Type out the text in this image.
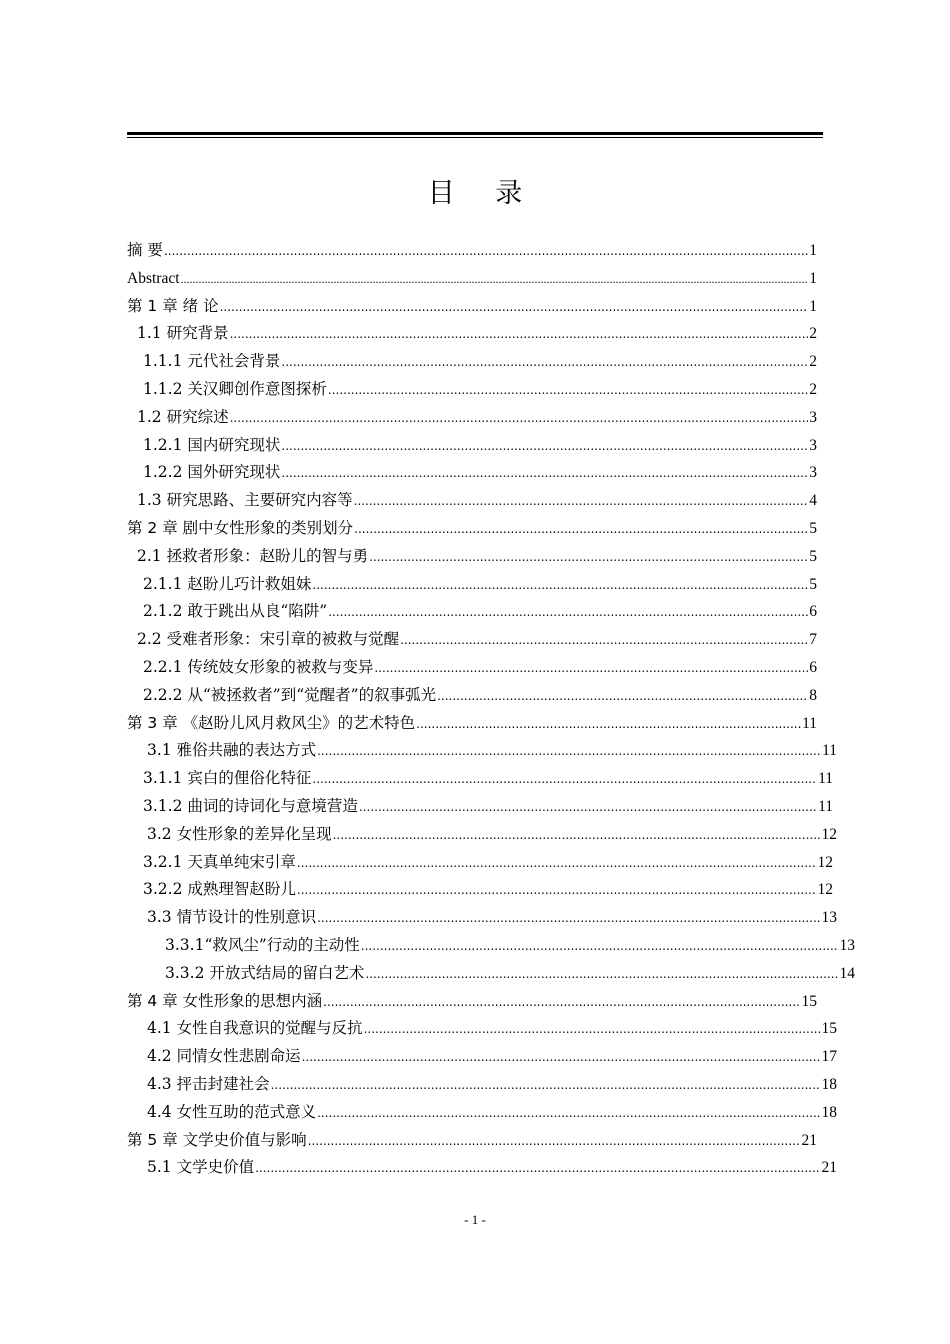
目 录
摘 要 .....	1
Abstract .....	1
第 1 章 绪 论 .....	1
1.1 研究背景 .....	2
1.1.1 元代社会背景 .....	2
1.1.2 关汉卿创作意图探析 .....	2
1.2 研究综述 .....	3
1.2.1 国内研究现状 .....	3
1.2.2 国外研究现状 .....	3
1.3 研究思路、主要研究内容等 .....	4
第 2 章 剧中女性形象的类别划分 .....	5
2.1 拯救者形象：赵盼儿的智与勇 .....	5
2.1.1 赵盼儿巧计救姐妹 .....	5
2.1.2 敢于跳出从良“陷阱” .....	6
2.2 受难者形象：宋引章的被救与觉醒 .....	7
2.2.1 传统妓女形象的被救与变异 .....	6
2.2.2 从“被拯救者”到“觉醒者”的叙事弧光 .....	8
第 3 章 《赵盼儿风月救风尘》的艺术特色 .....	11
3.1 雅俗共融的表达方式 .....	11
3.1.1 宾白的俚俗化特征 .....	11
3.1.2 曲词的诗词化与意境营造 .....	11
3.2 女性形象的差异化呈现 .....	12
3.2.1 天真单纯宋引章 .....	12
3.2.2 成熟理智赵盼儿 .....	12
3.3 情节设计的性别意识 .....	13
3.3.1“救风尘”行动的主动性 .....	13
3.3.2 开放式结局的留白艺术 .....	14
第 4 章 女性形象的思想内涵 .....	15
4.1 女性自我意识的觉醒与反抗 .....	15
4.2 同情女性悲剧命运 .....	17
4.3 抨击封建社会 .....	18
4.4 女性互助的范式意义 .....	18
第 5 章 文学史价值与影响 .....	21
5.1 文学史价值 .....	21
- 1 -
